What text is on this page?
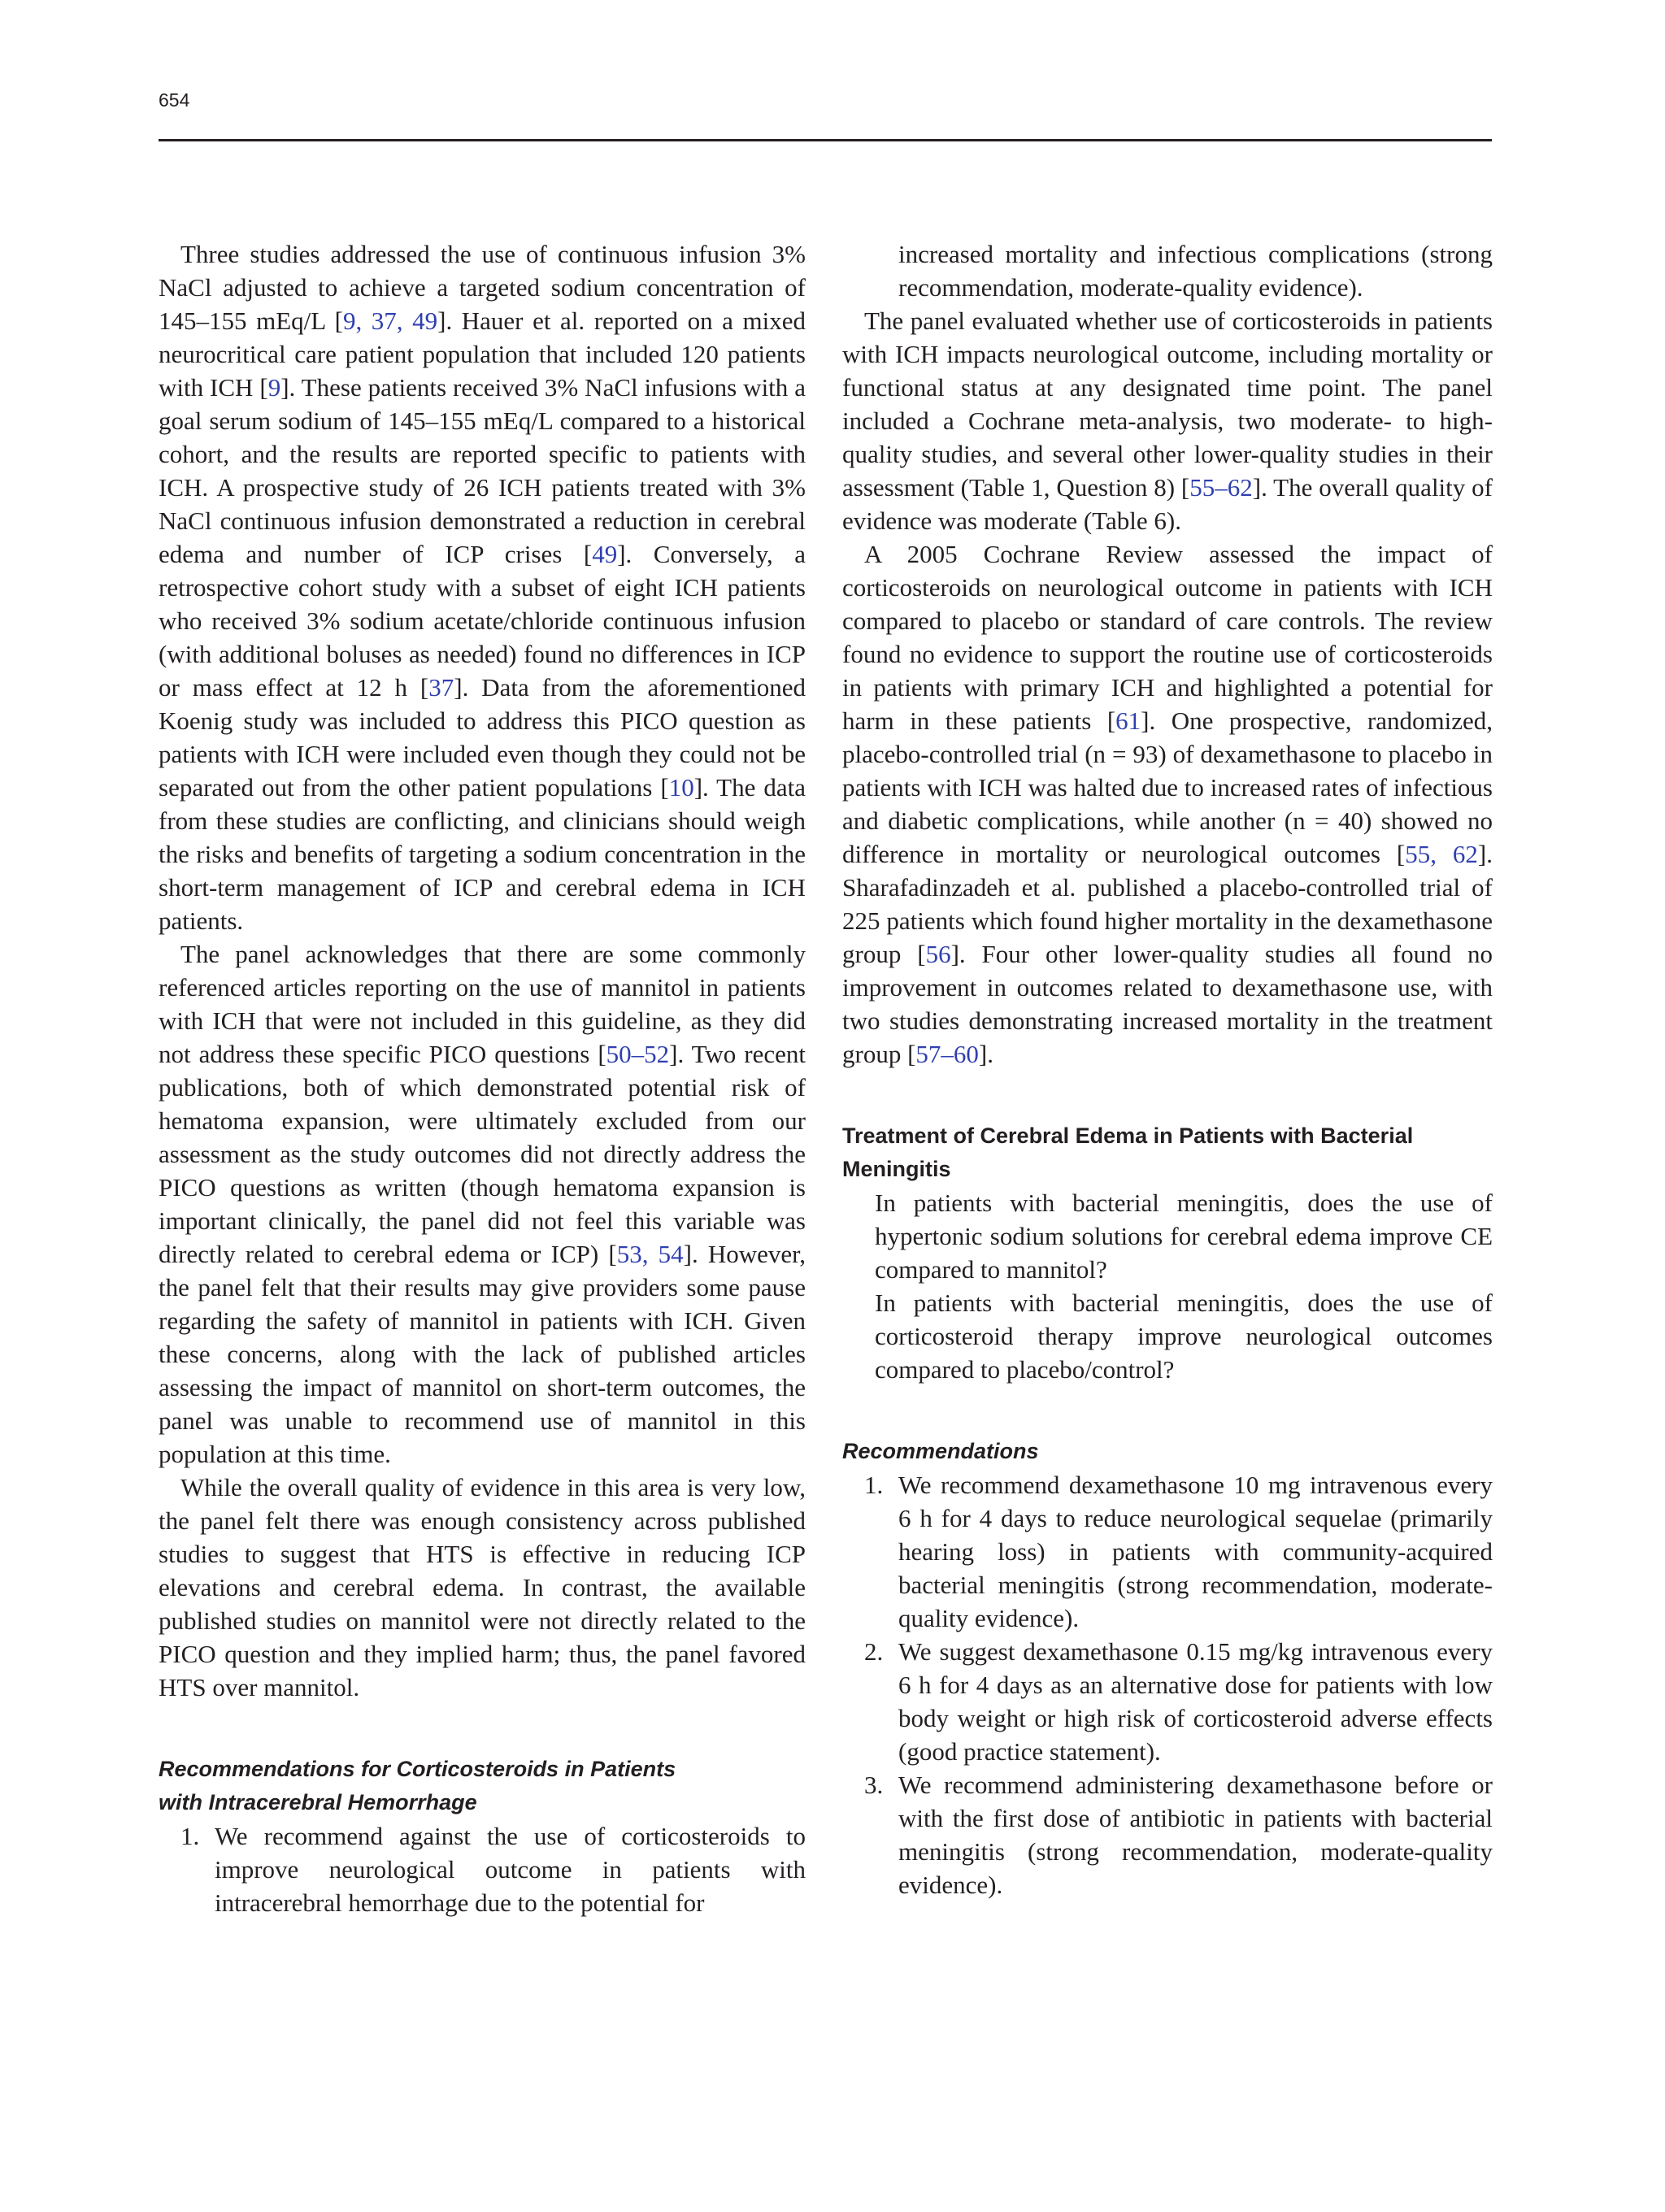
654

Three studies addressed the use of continuous infusion 3% NaCl adjusted to achieve a targeted sodium concentration of 145–155 mEq/L [9, 37, 49]. Hauer et al. reported on a mixed neurocritical care patient population that included 120 patients with ICH [9]. These patients received 3% NaCl infusions with a goal serum sodium of 145–155 mEq/L compared to a historical cohort, and the results are reported specific to patients with ICH. A prospective study of 26 ICH patients treated with 3% NaCl continuous infusion demonstrated a reduction in cerebral edema and number of ICP crises [49]. Conversely, a retrospective cohort study with a subset of eight ICH patients who received 3% sodium acetate/chloride continuous infusion (with additional boluses as needed) found no differences in ICP or mass effect at 12 h [37]. Data from the aforementioned Koenig study was included to address this PICO question as patients with ICH were included even though they could not be separated out from the other patient populations [10]. The data from these studies are conflicting, and clinicians should weigh the risks and benefits of targeting a sodium concentration in the short-term management of ICP and cerebral edema in ICH patients.

The panel acknowledges that there are some commonly referenced articles reporting on the use of mannitol in patients with ICH that were not included in this guideline, as they did not address these specific PICO questions [50–52]. Two recent publications, both of which demonstrated potential risk of hematoma expansion, were ultimately excluded from our assessment as the study outcomes did not directly address the PICO questions as written (though hematoma expansion is important clinically, the panel did not feel this variable was directly related to cerebral edema or ICP) [53, 54]. However, the panel felt that their results may give providers some pause regarding the safety of mannitol in patients with ICH. Given these concerns, along with the lack of published articles assessing the impact of mannitol on short-term outcomes, the panel was unable to recommend use of mannitol in this population at this time.

While the overall quality of evidence in this area is very low, the panel felt there was enough consistency across published studies to suggest that HTS is effective in reducing ICP elevations and cerebral edema. In contrast, the available published studies on mannitol were not directly related to the PICO question and they implied harm; thus, the panel favored HTS over mannitol.

Recommendations for Corticosteroids in Patients
with Intracerebral Hemorrhage
1. We recommend against the use of corticosteroids to improve neurological outcome in patients with intracerebral hemorrhage due to the potential for
increased mortality and infectious complications (strong recommendation, moderate-quality evidence).

The panel evaluated whether use of corticosteroids in patients with ICH impacts neurological outcome, including mortality or functional status at any designated time point. The panel included a Cochrane meta-analysis, two moderate- to high-quality studies, and several other lower-quality studies in their assessment (Table 1, Question 8) [55–62]. The overall quality of evidence was moderate (Table 6).

A 2005 Cochrane Review assessed the impact of corticosteroids on neurological outcome in patients with ICH compared to placebo or standard of care controls. The review found no evidence to support the routine use of corticosteroids in patients with primary ICH and highlighted a potential for harm in these patients [61]. One prospective, randomized, placebo-controlled trial (n = 93) of dexamethasone to placebo in patients with ICH was halted due to increased rates of infectious and diabetic complications, while another (n = 40) showed no difference in mortality or neurological outcomes [55, 62]. Sharafadinzadeh et al. published a placebo-controlled trial of 225 patients which found higher mortality in the dexamethasone group [56]. Four other lower-quality studies all found no improvement in outcomes related to dexamethasone use, with two studies demonstrating increased mortality in the treatment group [57–60].

Treatment of Cerebral Edema in Patients with Bacterial
Meningitis
In patients with bacterial meningitis, does the use of hypertonic sodium solutions for cerebral edema improve CE compared to mannitol?
In patients with bacterial meningitis, does the use of corticosteroid therapy improve neurological outcomes compared to placebo/control?
Recommendations
1. We recommend dexamethasone 10 mg intravenous every 6 h for 4 days to reduce neurological sequelae (primarily hearing loss) in patients with community-acquired bacterial meningitis (strong recommendation, moderate-quality evidence).
2. We suggest dexamethasone 0.15 mg/kg intravenous every 6 h for 4 days as an alternative dose for patients with low body weight or high risk of corticosteroid adverse effects (good practice statement).
3. We recommend administering dexamethasone before or with the first dose of antibiotic in patients with bacterial meningitis (strong recommendation, moderate-quality evidence).
